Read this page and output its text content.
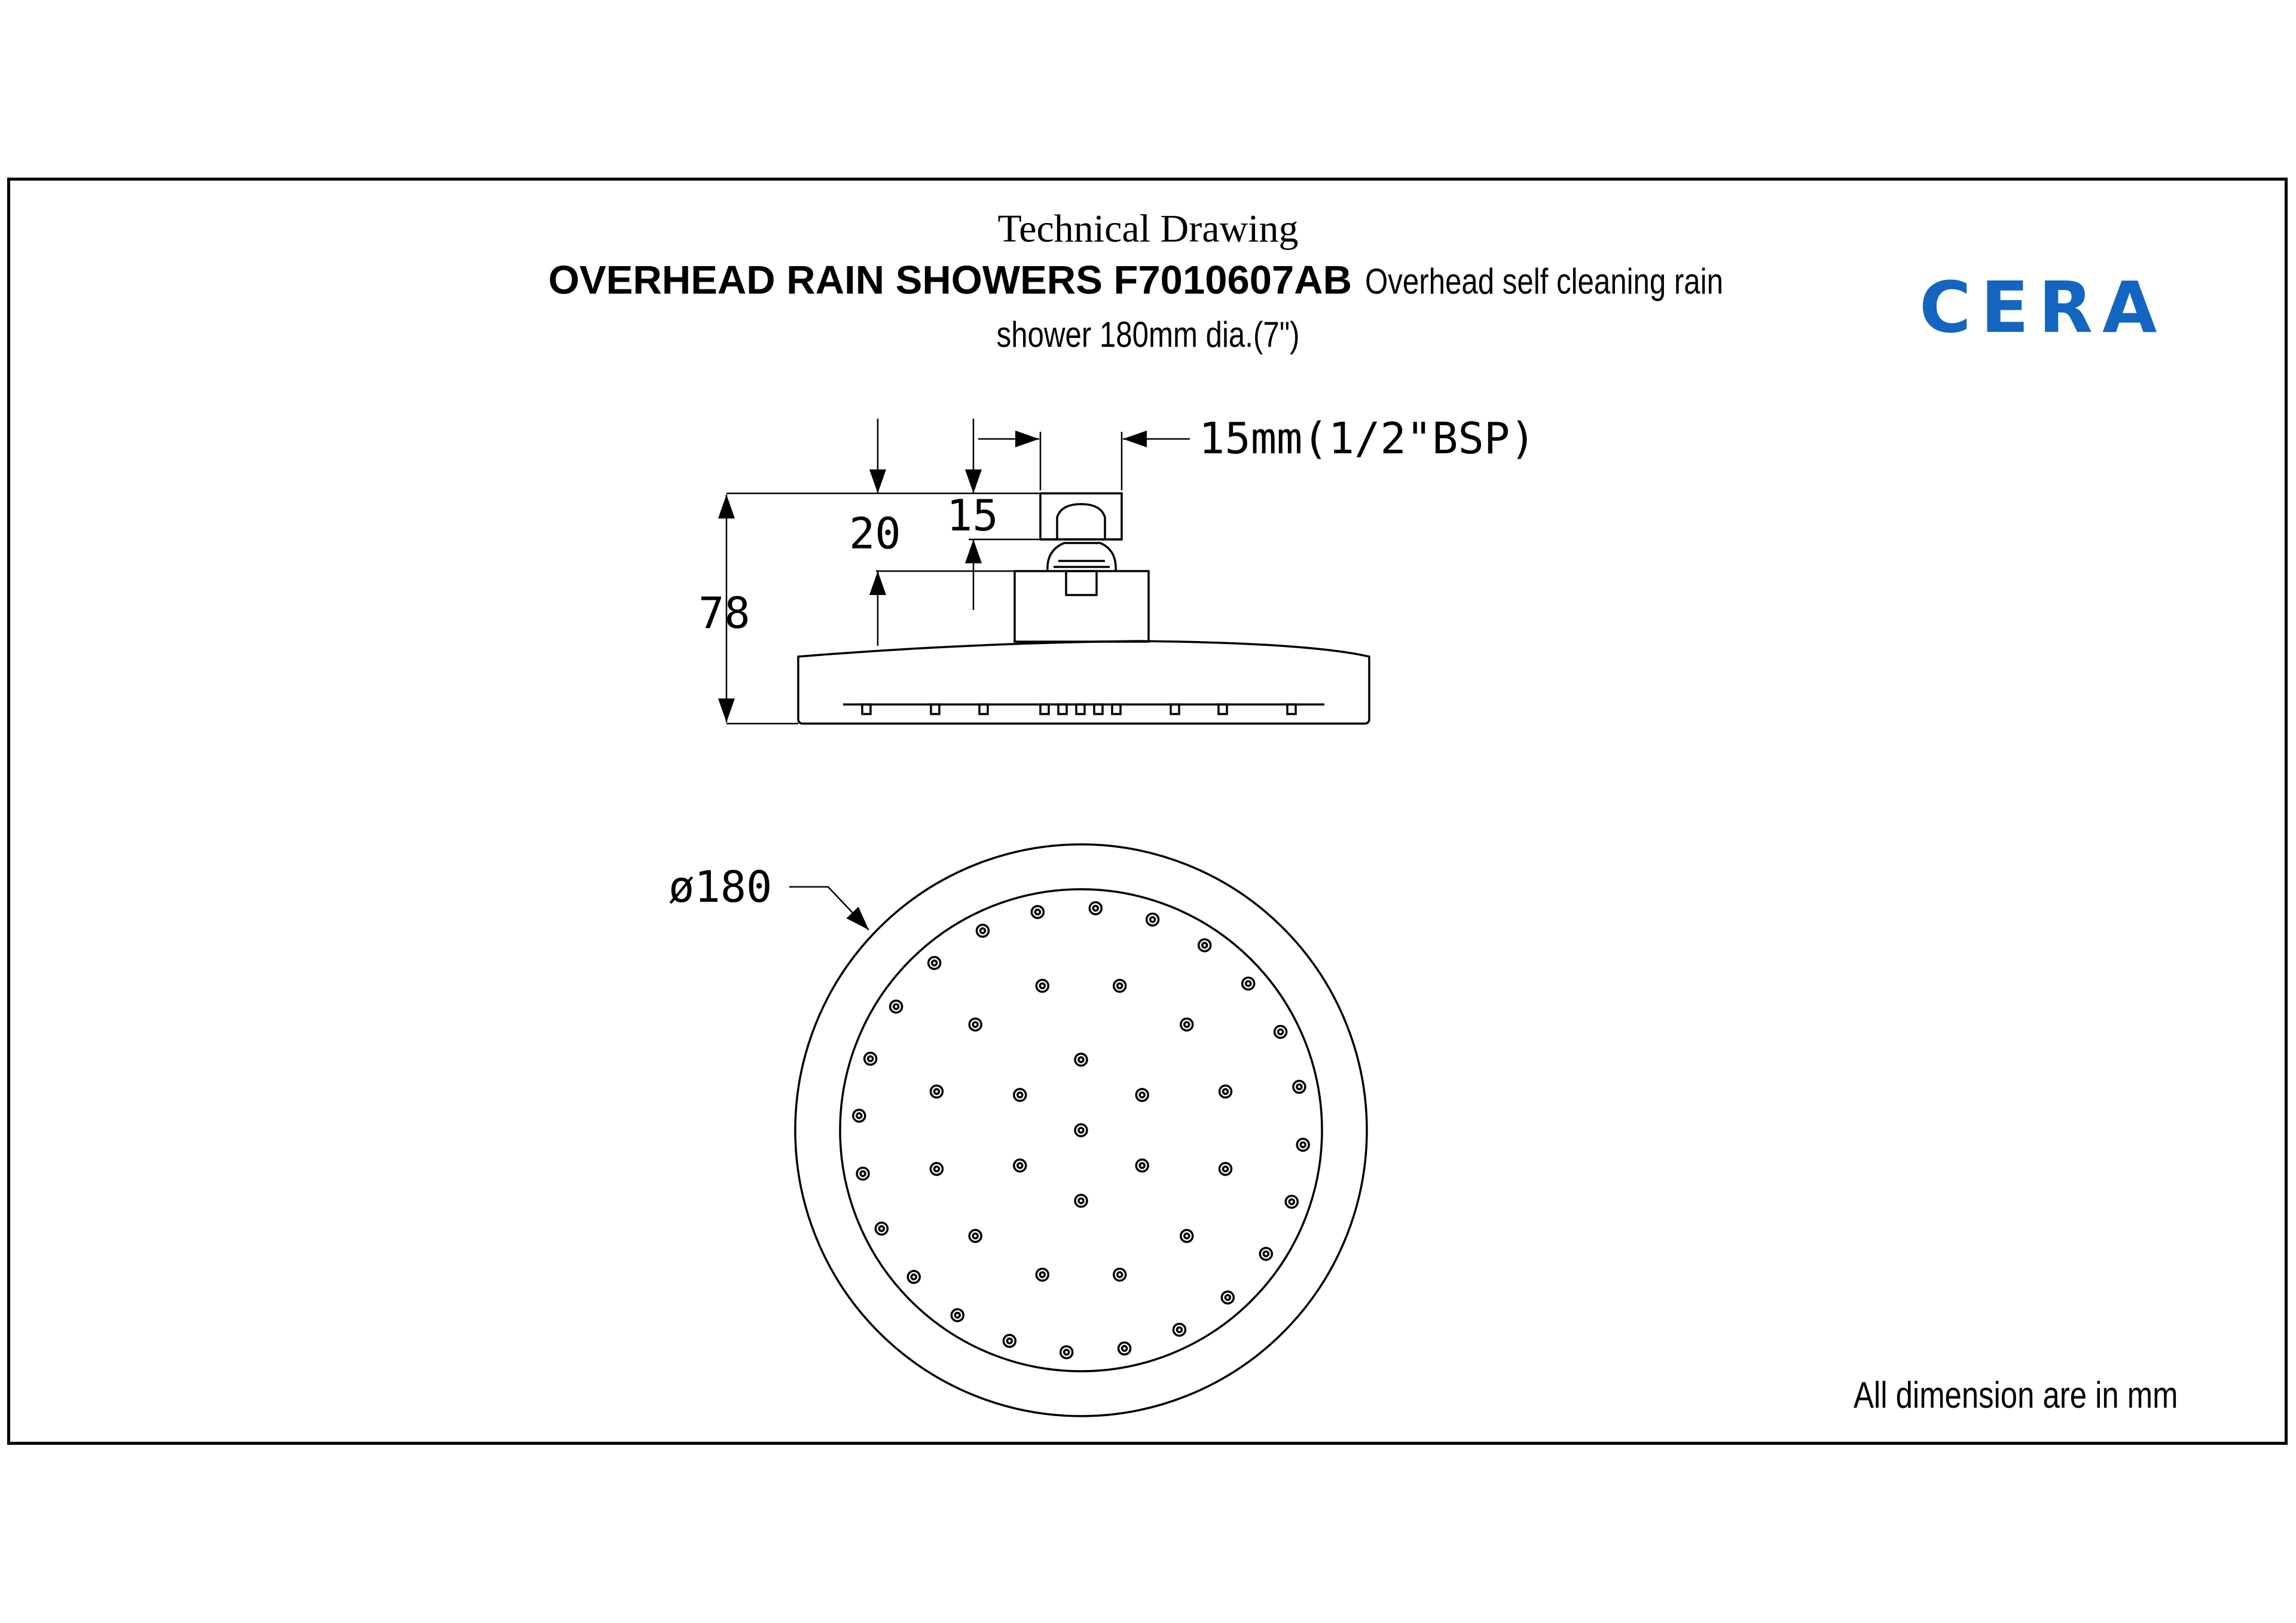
Technical Drawing
OVERHEAD RAIN SHOWERS F7010607AB Overhead self cleaning rain
shower 180mm dia.(7")	CERA
All dimension are in mm
15mm(1/2"BSP)
15
20
78
ø180
